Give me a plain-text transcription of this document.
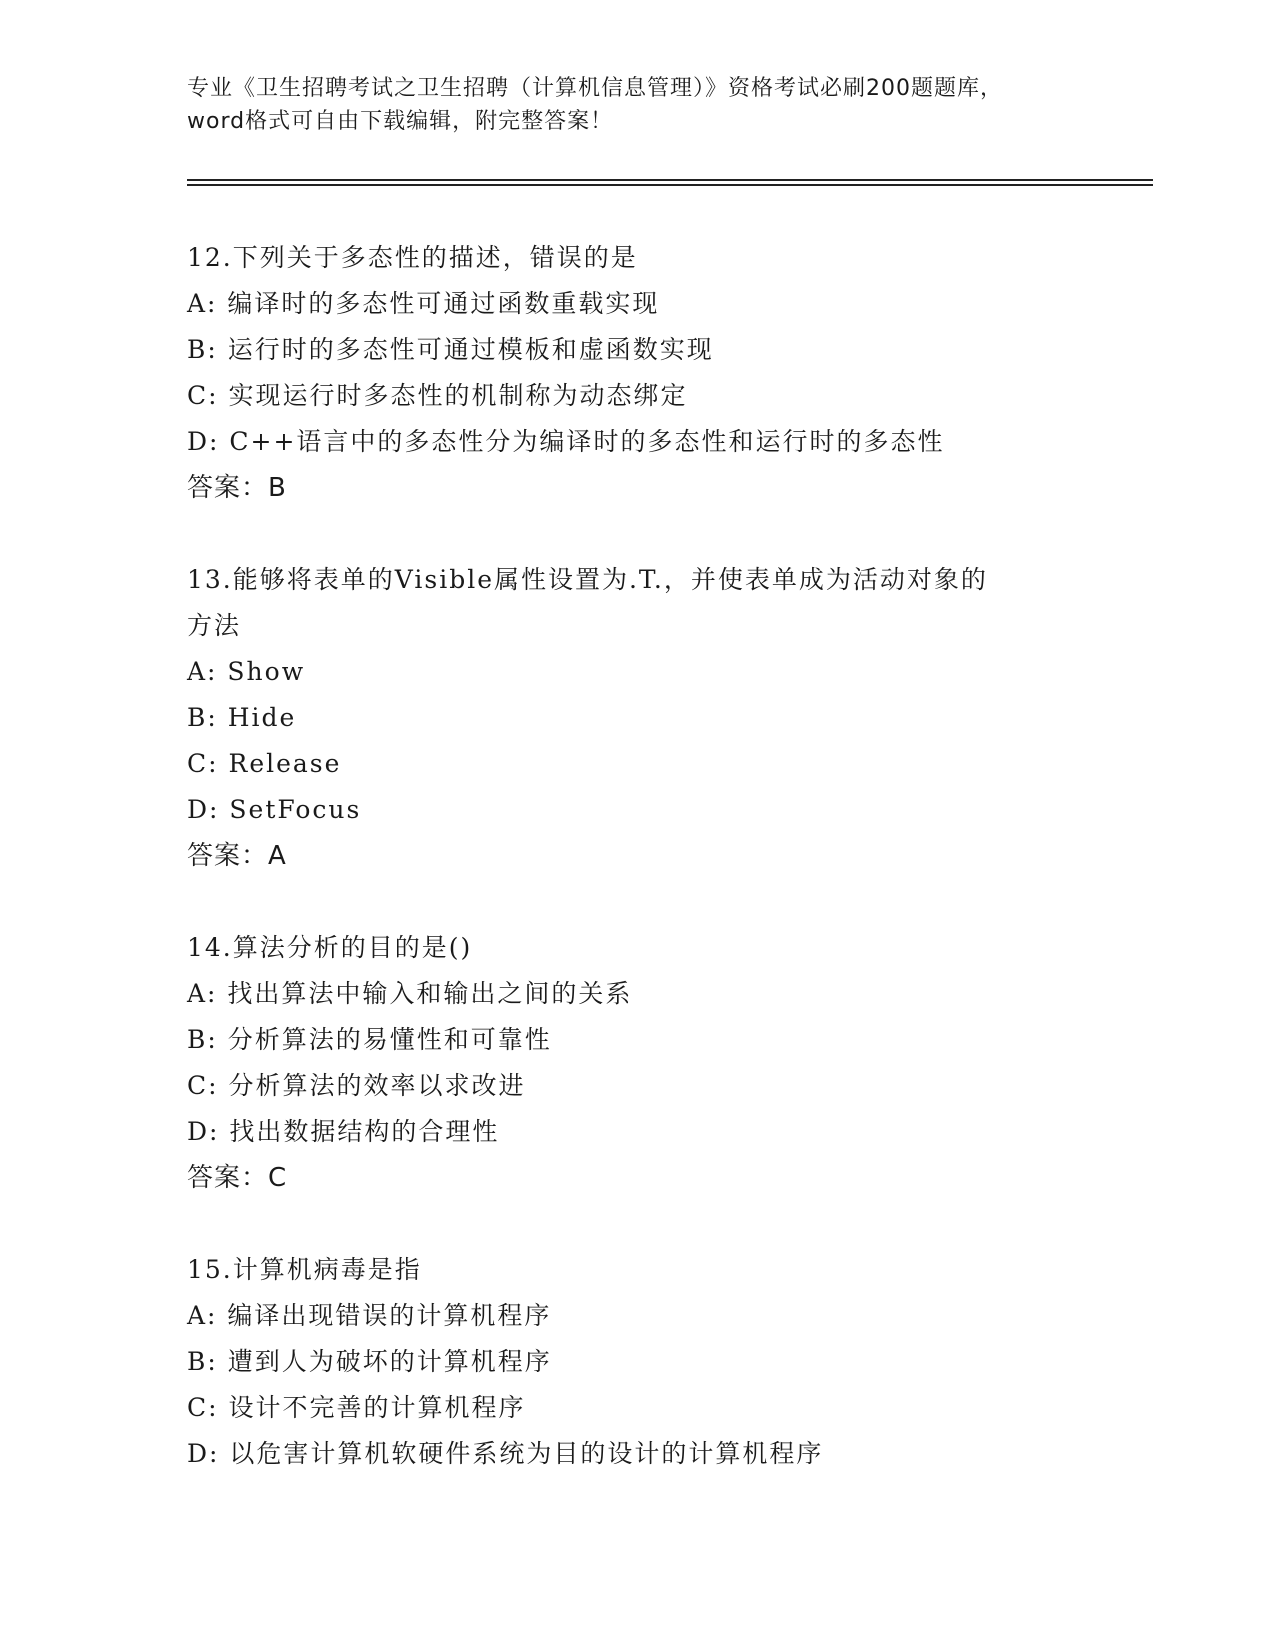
专业《卫生招聘考试之卫生招聘（计算机信息管理）》资格考试必刷200题题库，
word格式可自由下载编辑，附完整答案！
12.下列关于多态性的描述，错误的是
A: 编译时的多态性可通过函数重载实现
B: 运行时的多态性可通过模板和虚函数实现
C: 实现运行时多态性的机制称为动态绑定
D: C++语言中的多态性分为编译时的多态性和运行时的多态性
答案：B
13.能够将表单的Visible属性设置为.T.，并使表单成为活动对象的
方法
A: Show
B: Hide
C: Release
D: SetFocus
答案：A
14.算法分析的目的是()
A: 找出算法中输入和输出之间的关系
B: 分析算法的易懂性和可靠性
C: 分析算法的效率以求改进
D: 找出数据结构的合理性
答案：C
15.计算机病毒是指
A: 编译出现错误的计算机程序
B: 遭到人为破坏的计算机程序
C: 设计不完善的计算机程序
D: 以危害计算机软硬件系统为目的设计的计算机程序
